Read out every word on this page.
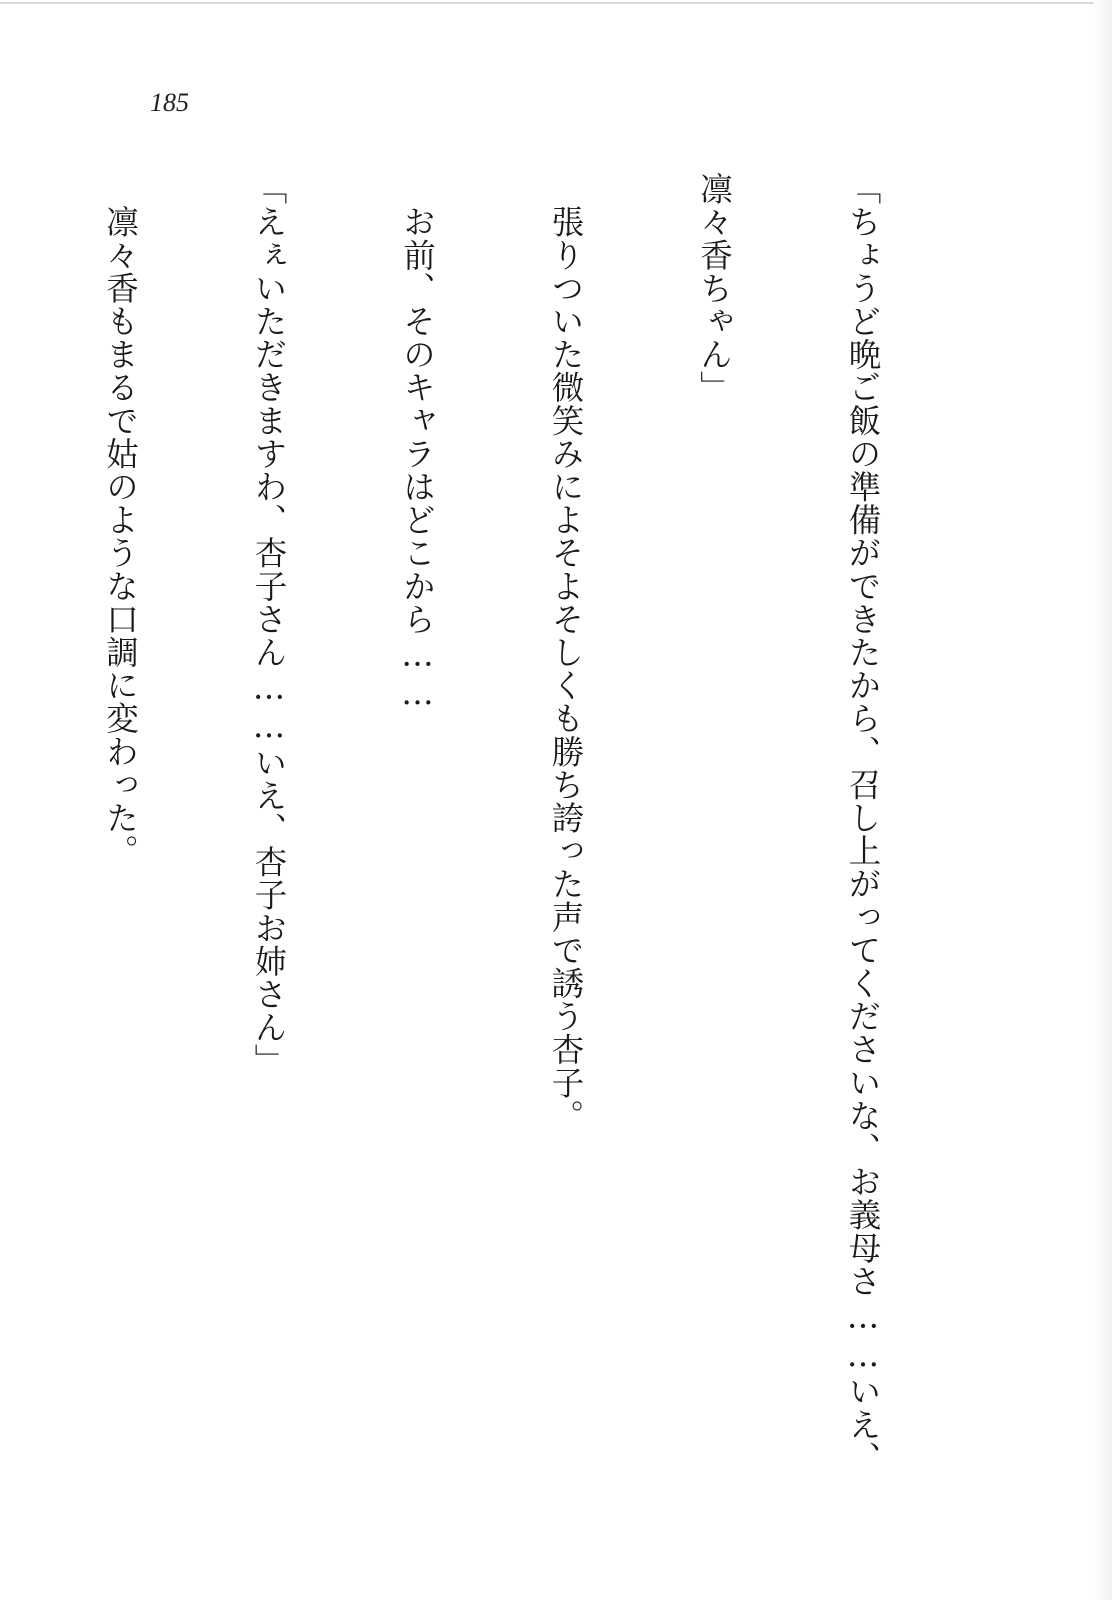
185

「ちょうど晩ご飯の準備ができたから、召し上がってくださいな、お義母さ……いえ、

凛々香ちゃん」

　張りついた微笑みによそよそしくも勝ち誇った声で誘う杏子。

　お前、そのキャラはどこから……

「えぇいただきますわ、杏子さん……いえ、杏子お姉さん」

　凛々香もまるで姑のような口調に変わった。
